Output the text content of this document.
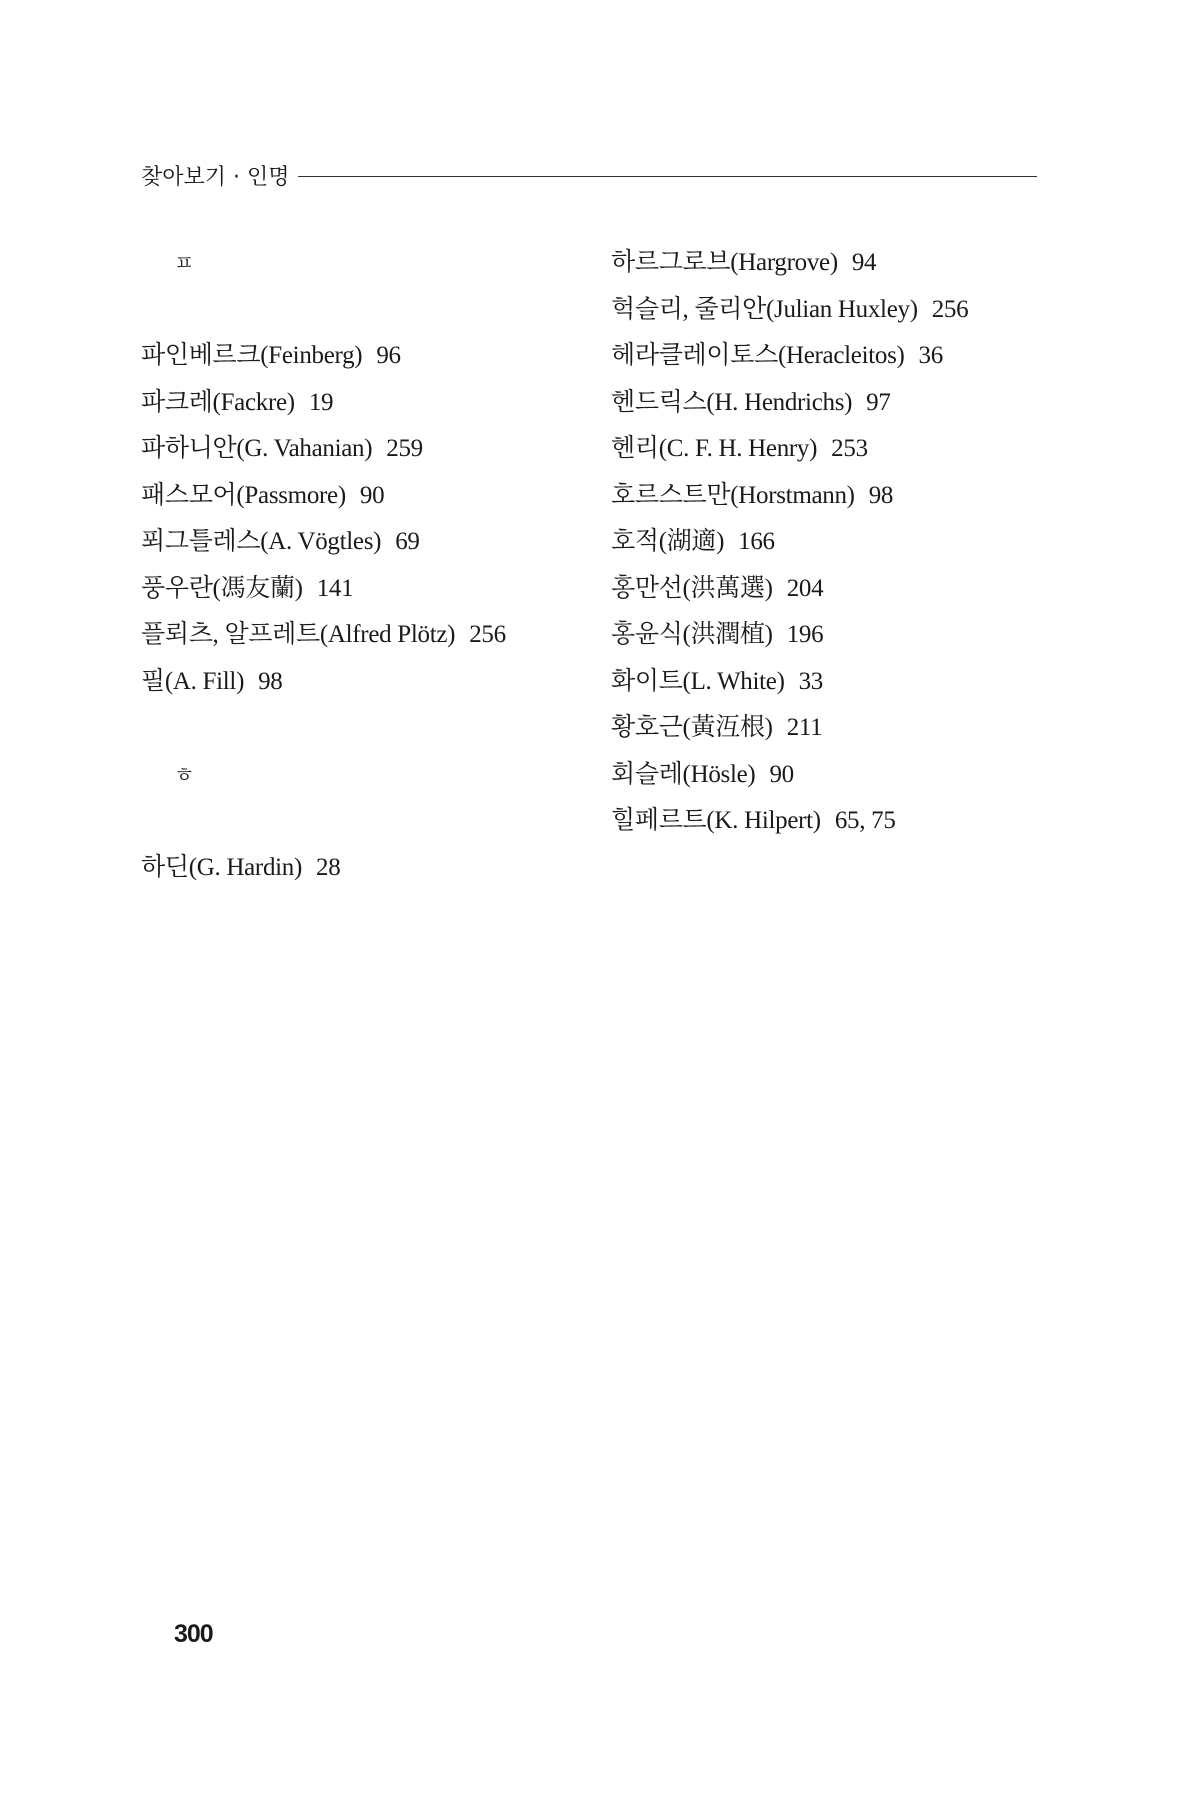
찾아보기 · 인명
ㅍ
파인베르크(Feinberg) 96
파크레(Fackre) 19
파하니안(G. Vahanian) 259
패스모어(Passmore) 90
푀그틀레스(A. Vögtles) 69
풍우란(馮友蘭) 141
플뢰츠, 알프레트(Alfred Plötz) 256
필(A. Fill) 98
ㅎ
하딘(G. Hardin) 28
하르그로브(Hargrove) 94
헉슬리, 줄리안(Julian Huxley) 256
헤라클레이토스(Heracleitos) 36
헨드릭스(H. Hendrichs) 97
헨리(C. F. H. Henry) 253
호르스트만(Horstmann) 98
호적(湖適) 166
홍만선(洪萬選) 204
홍윤식(洪潤植) 196
화이트(L. White) 33
황호근(黃沍根) 211
회슬레(Hösle) 90
힐페르트(K. Hilpert) 65, 75
300
